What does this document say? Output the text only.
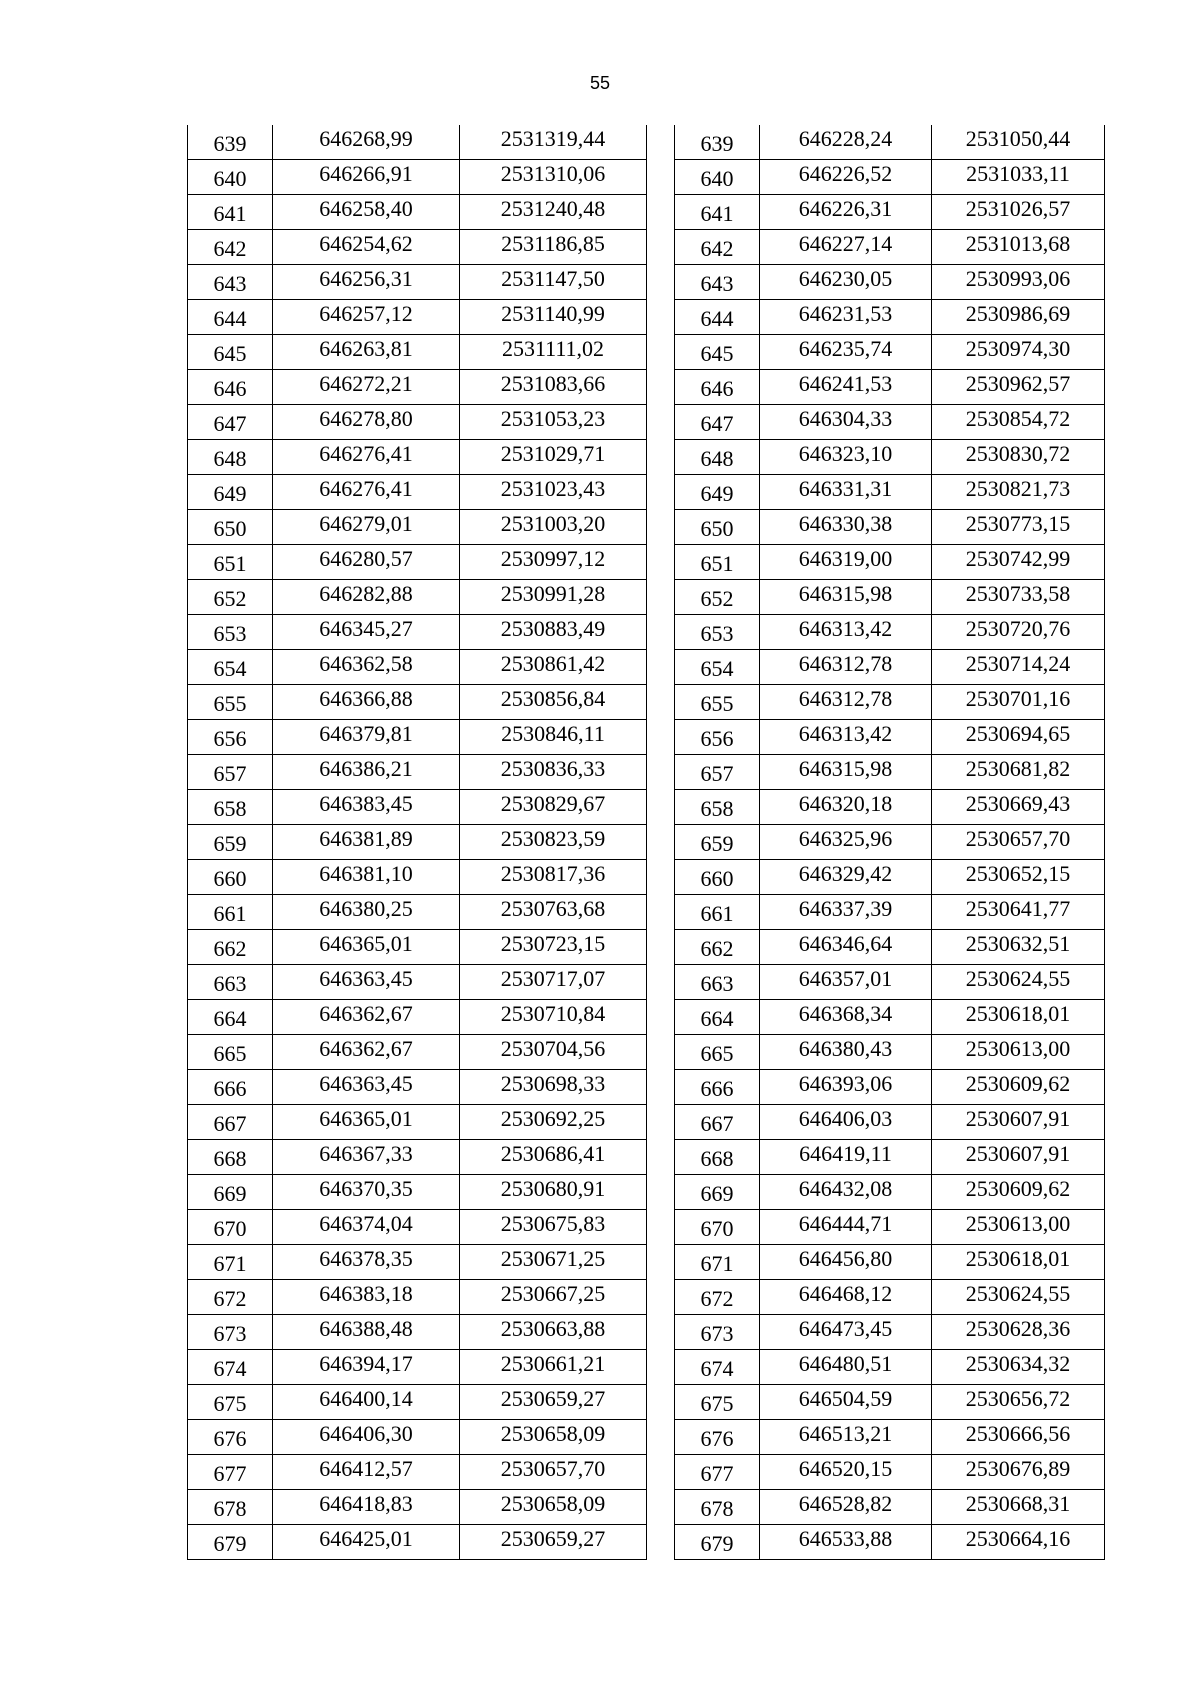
55
639	646268,99	2531319,44
640	646266,91	2531310,06
641	646258,40	2531240,48
642	646254,62	2531186,85
643	646256,31	2531147,50
644	646257,12	2531140,99
645	646263,81	2531111,02
646	646272,21	2531083,66
647	646278,80	2531053,23
648	646276,41	2531029,71
649	646276,41	2531023,43
650	646279,01	2531003,20
651	646280,57	2530997,12
652	646282,88	2530991,28
653	646345,27	2530883,49
654	646362,58	2530861,42
655	646366,88	2530856,84
656	646379,81	2530846,11
657	646386,21	2530836,33
658	646383,45	2530829,67
659	646381,89	2530823,59
660	646381,10	2530817,36
661	646380,25	2530763,68
662	646365,01	2530723,15
663	646363,45	2530717,07
664	646362,67	2530710,84
665	646362,67	2530704,56
666	646363,45	2530698,33
667	646365,01	2530692,25
668	646367,33	2530686,41
669	646370,35	2530680,91
670	646374,04	2530675,83
671	646378,35	2530671,25
672	646383,18	2530667,25
673	646388,48	2530663,88
674	646394,17	2530661,21
675	646400,14	2530659,27
676	646406,30	2530658,09
677	646412,57	2530657,70
678	646418,83	2530658,09
679	646425,01	2530659,27
639	646228,24	2531050,44
640	646226,52	2531033,11
641	646226,31	2531026,57
642	646227,14	2531013,68
643	646230,05	2530993,06
644	646231,53	2530986,69
645	646235,74	2530974,30
646	646241,53	2530962,57
647	646304,33	2530854,72
648	646323,10	2530830,72
649	646331,31	2530821,73
650	646330,38	2530773,15
651	646319,00	2530742,99
652	646315,98	2530733,58
653	646313,42	2530720,76
654	646312,78	2530714,24
655	646312,78	2530701,16
656	646313,42	2530694,65
657	646315,98	2530681,82
658	646320,18	2530669,43
659	646325,96	2530657,70
660	646329,42	2530652,15
661	646337,39	2530641,77
662	646346,64	2530632,51
663	646357,01	2530624,55
664	646368,34	2530618,01
665	646380,43	2530613,00
666	646393,06	2530609,62
667	646406,03	2530607,91
668	646419,11	2530607,91
669	646432,08	2530609,62
670	646444,71	2530613,00
671	646456,80	2530618,01
672	646468,12	2530624,55
673	646473,45	2530628,36
674	646480,51	2530634,32
675	646504,59	2530656,72
676	646513,21	2530666,56
677	646520,15	2530676,89
678	646528,82	2530668,31
679	646533,88	2530664,16
